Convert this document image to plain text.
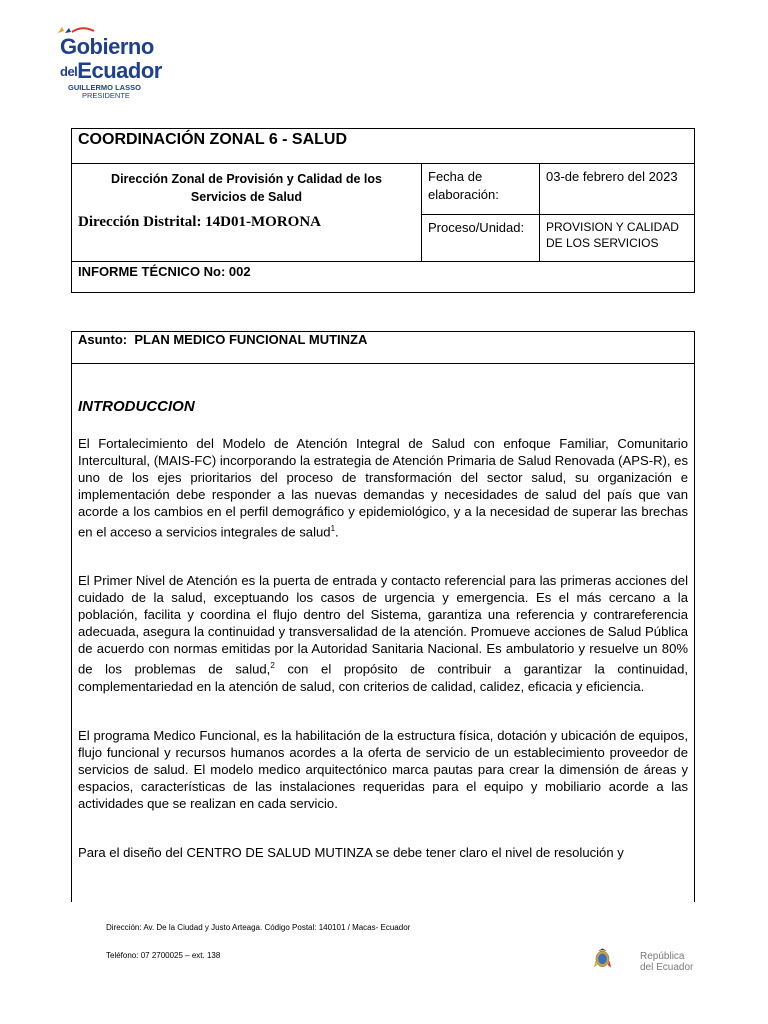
Gobierno
delEcuador
GUILLERMO LASSO
PRESIDENTE
COORDINACIÓN ZONAL 6 - SALUD		

Dirección Zonal de Provisión y Calidad de los Servicios de Salud
Dirección Distrital: 14D01-MORONA	Fecha de elaboración:	03-de febrero del 2023
	Proceso/Unidad:	PROVISION Y CALIDAD DE LOS SERVICIOS
INFORME TÉCNICO No: 002		
Asunto: PLAN MEDICO FUNCIONAL MUTINZA

INTRODUCCION

El Fortalecimiento del Modelo de Atención Integral de Salud con enfoque Familiar, Comunitario Intercultural, (MAIS-FC) incorporando la estrategia de Atención Primaria de Salud Renovada (APS-R), es uno de los ejes prioritarios del proceso de transformación del sector salud, su organización e implementación debe responder a las nuevas demandas y necesidades de salud del país que van acorde a los cambios en el perfil demográfico y epidemiológico, y a la necesidad de superar las brechas en el acceso a servicios integrales de salud$^1$.

El Primer Nivel de Atención es la puerta de entrada y contacto referencial para las primeras acciones del cuidado de la salud, exceptuando los casos de urgencia y emergencia. Es el más cercano a la población, facilita y coordina el flujo dentro del Sistema, garantiza una referencia y contrareferencia adecuada, asegura la continuidad y transversalidad de la atención. Promueve acciones de Salud Pública de acuerdo con normas emitidas por la Autoridad Sanitaria Nacional. Es ambulatorio y resuelve un 80% de los problemas de salud,$^2$ con el propósito de contribuir a garantizar la continuidad, complementariedad en la atención de salud, con criterios de calidad, calidez, eficacia y eficiencia.

El programa Medico Funcional, es la habilitación de la estructura física, dotación y ubicación de equipos, flujo funcional y recursos humanos acordes a la oferta de servicio de un establecimiento proveedor de servicios de salud. El modelo medico arquitectónico marca pautas para crear la dimensión de áreas y espacios, características de las instalaciones requeridas para el equipo y mobiliario acorde a las actividades que se realizan en cada servicio.

Para el diseño del CENTRO DE SALUD MUTINZA se debe tener claro el nivel de resolución y

Dirección: Av. De la Ciudad y Justo Arteaga. Código Postal: 140101 / Macas- Ecuador
Teléfono: 07 2700025 – ext. 138	República
del Ecuador
